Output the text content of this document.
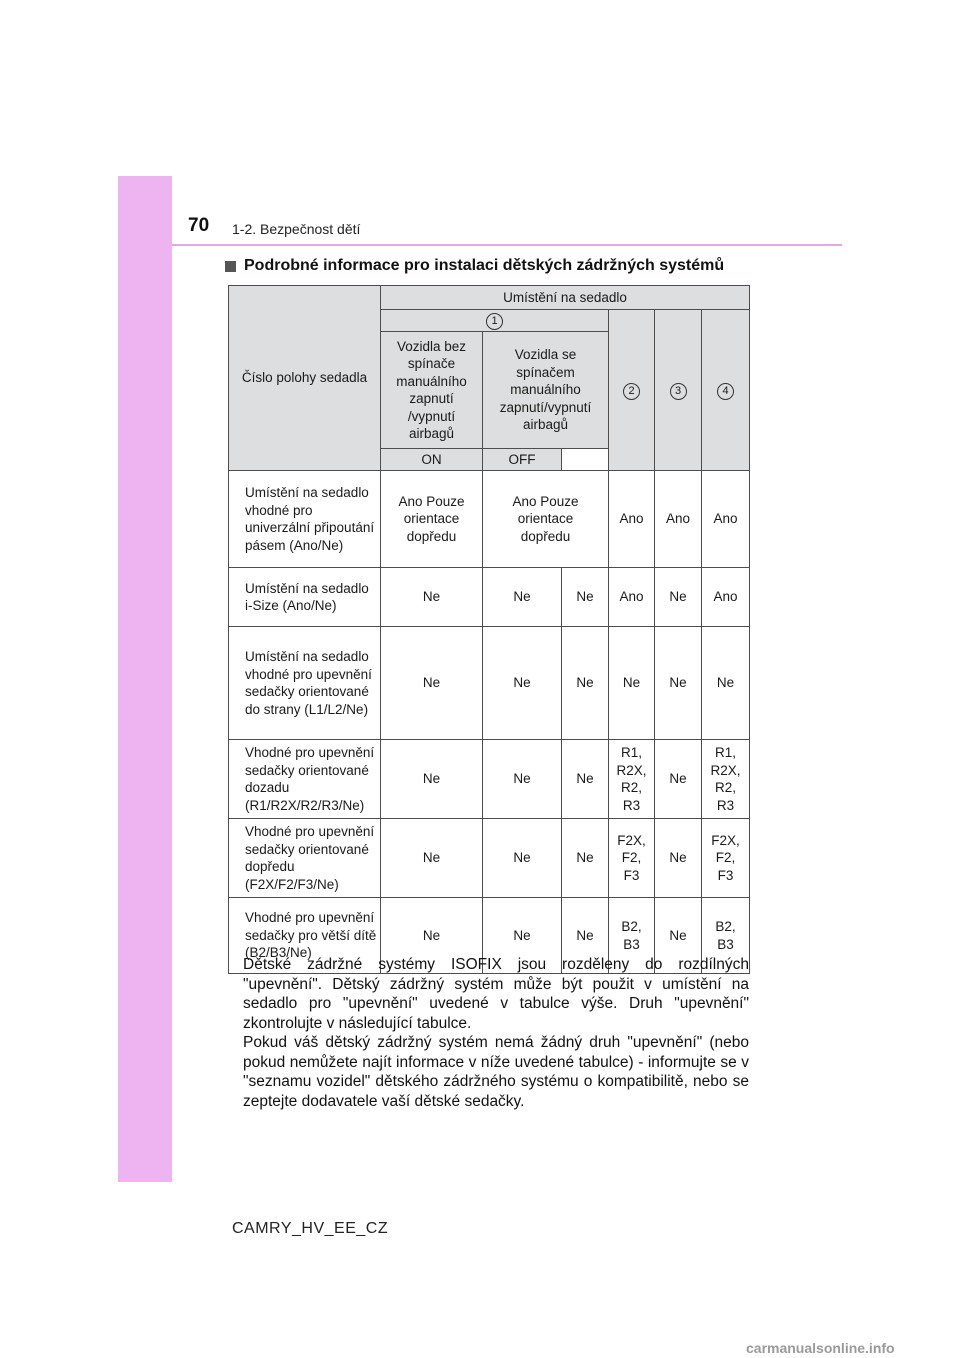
70 1-2. Bezpečnost dětí
Podrobné informace pro instalaci dětských zádržných systémů
Číslo polohy sedadla	Umístění na sedadlo					
	1			2	3	4
	Vozidla bez spínače manuálního zapnutí /vypnutí airbagů	Vozidla se spínačem manuálního zapnutí/vypnutí airbagů				
	ON	OFF				
Umístění na sedadlo vhodné pro univerzální připoutání pásem (Ano/Ne)	Ano Pouze orientace dopředu	Ano Pouze orientace dopředu		Ano	Ano	Ano
Umístění na sedadlo i-Size (Ano/Ne)	Ne	Ne	Ne	Ano	Ne	Ano
Umístění na sedadlo vhodné pro upevnění sedačky orientované do strany (L1/L2/Ne)	Ne	Ne	Ne	Ne	Ne	Ne
Vhodné pro upevnění sedačky orientované dozadu (R1/R2X/R2/R3/Ne)	Ne	Ne	Ne	R1, R2X, R2, R3	Ne	R1, R2X, R2, R3
Vhodné pro upevnění sedačky orientované dopředu (F2X/F2/F3/Ne)	Ne	Ne	Ne	F2X, F2, F3	Ne	F2X, F2, F3
Vhodné pro upevnění sedačky pro větší dítě (B2/B3/Ne)	Ne	Ne	Ne	B2, B3	Ne	B2, B3

Dětské zádržné systémy ISOFIX jsou rozděleny do rozdílných "upevnění". Dětský zádržný systém může být použit v umístění na sedadlo pro "upevnění" uvedené v tabulce výše. Druh "upevnění" zkontrolujte v následující tabulce.

Pokud váš dětský zádržný systém nemá žádný druh "upevnění" (nebo pokud nemůžete najít informace v níže uvedené tabulce) - informujte se v "seznamu vozidel" dětského zádržného systému o kompatibilitě, nebo se zeptejte dodavatele vaší dětské sedačky.

CAMRY_HV_EE_CZ
carmanualsonline.info
